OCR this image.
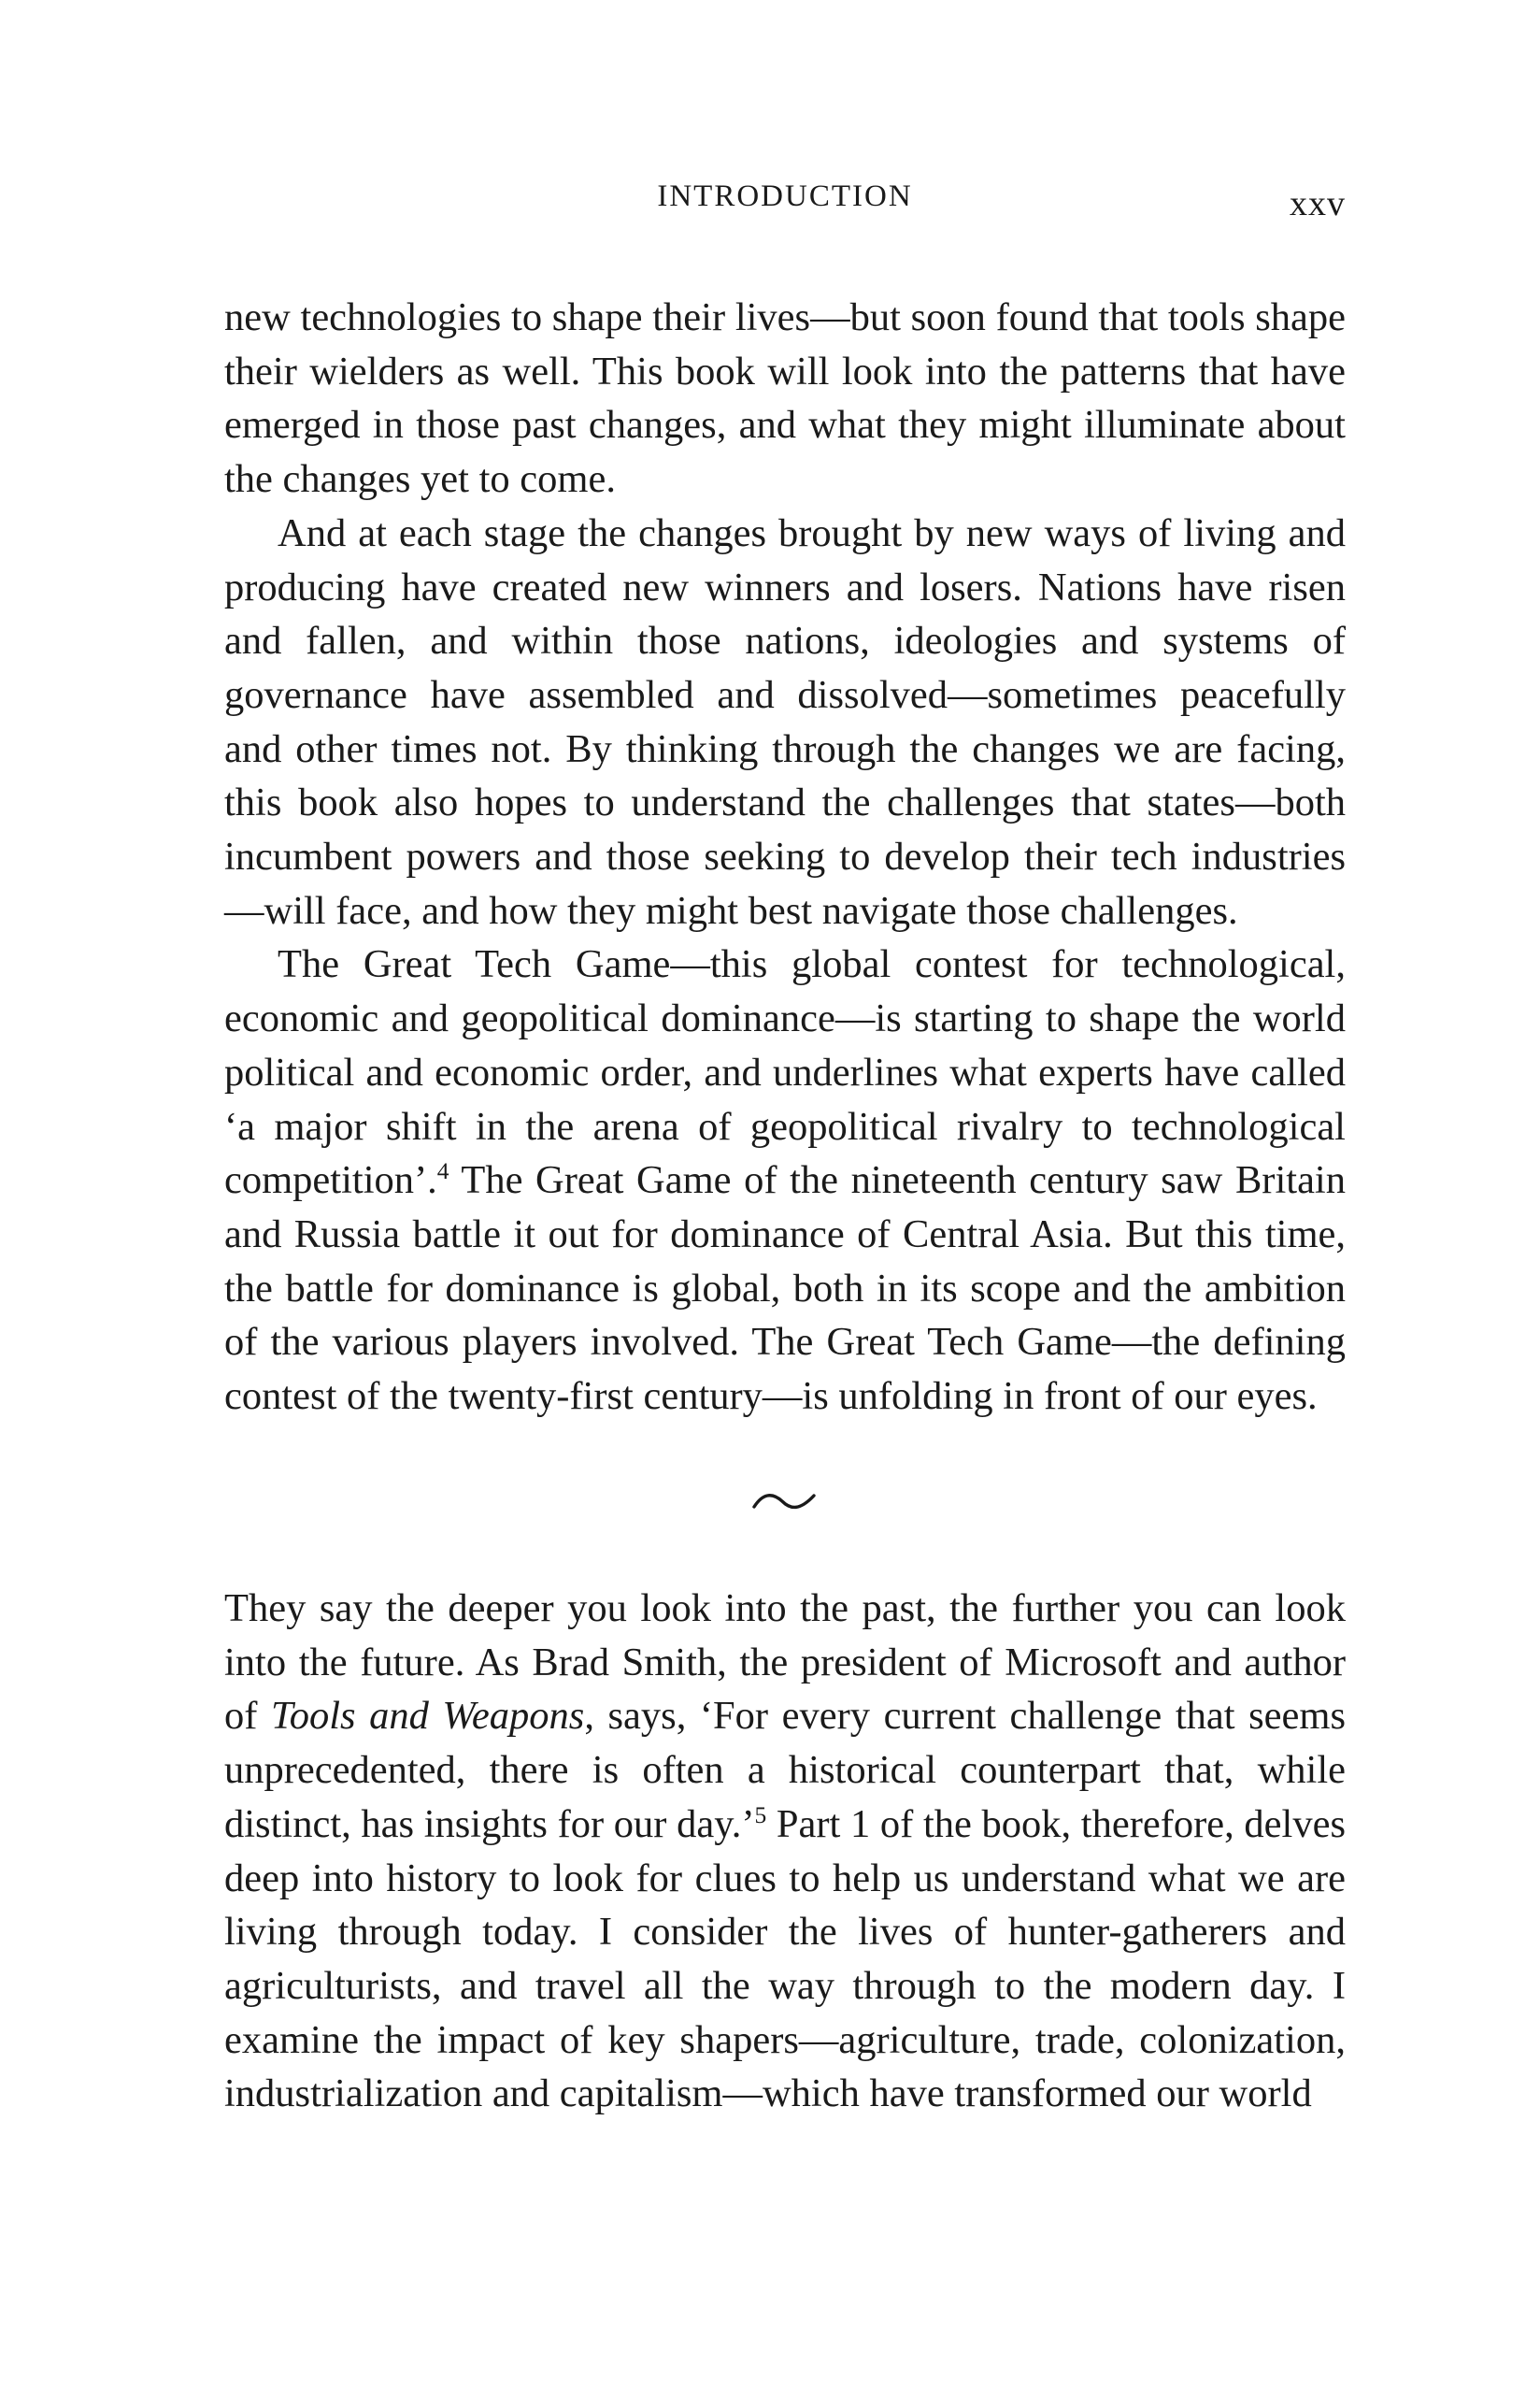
INTRODUCTION	xxv

new technologies to shape their lives—but soon found that tools shape their wielders as well. This book will look into the patterns that have emerged in those past changes, and what they might illuminate about the changes yet to come.

And at each stage the changes brought by new ways of living and producing have created new winners and losers. Nations have risen and fallen, and within those nations, ideologies and systems of governance have assembled and dissolved—sometimes peacefully and other times not. By thinking through the changes we are facing, this book also hopes to understand the challenges that states—both incumbent powers and those seeking to develop their tech industries—will face, and how they might best navigate those challenges.

The Great Tech Game—this global contest for technological, economic and geopolitical dominance—is starting to shape the world political and economic order, and underlines what experts have called ‘a major shift in the arena of geopolitical rivalry to technological competition’.$^4$ The Great Game of the nineteenth century saw Britain and Russia battle it out for dominance of Central Asia. But this time, the battle for dominance is global, both in its scope and the ambition of the various players involved. The Great Tech Game—the defining contest of the twenty-first century—is unfolding in front of our eyes.

They say the deeper you look into the past, the further you can look into the future. As Brad Smith, the president of Microsoft and author of Tools and Weapons, says, ‘For every current challenge that seems unprecedented, there is often a historical counterpart that, while distinct, has insights for our day.’$^5$ Part 1 of the book, therefore, delves deep into history to look for clues to help us understand what we are living through today. I consider the lives of hunter-gatherers and agriculturists, and travel all the way through to the modern day. I examine the impact of key shapers—agriculture, trade, colonization, industrialization and capitalism—which have transformed our world
